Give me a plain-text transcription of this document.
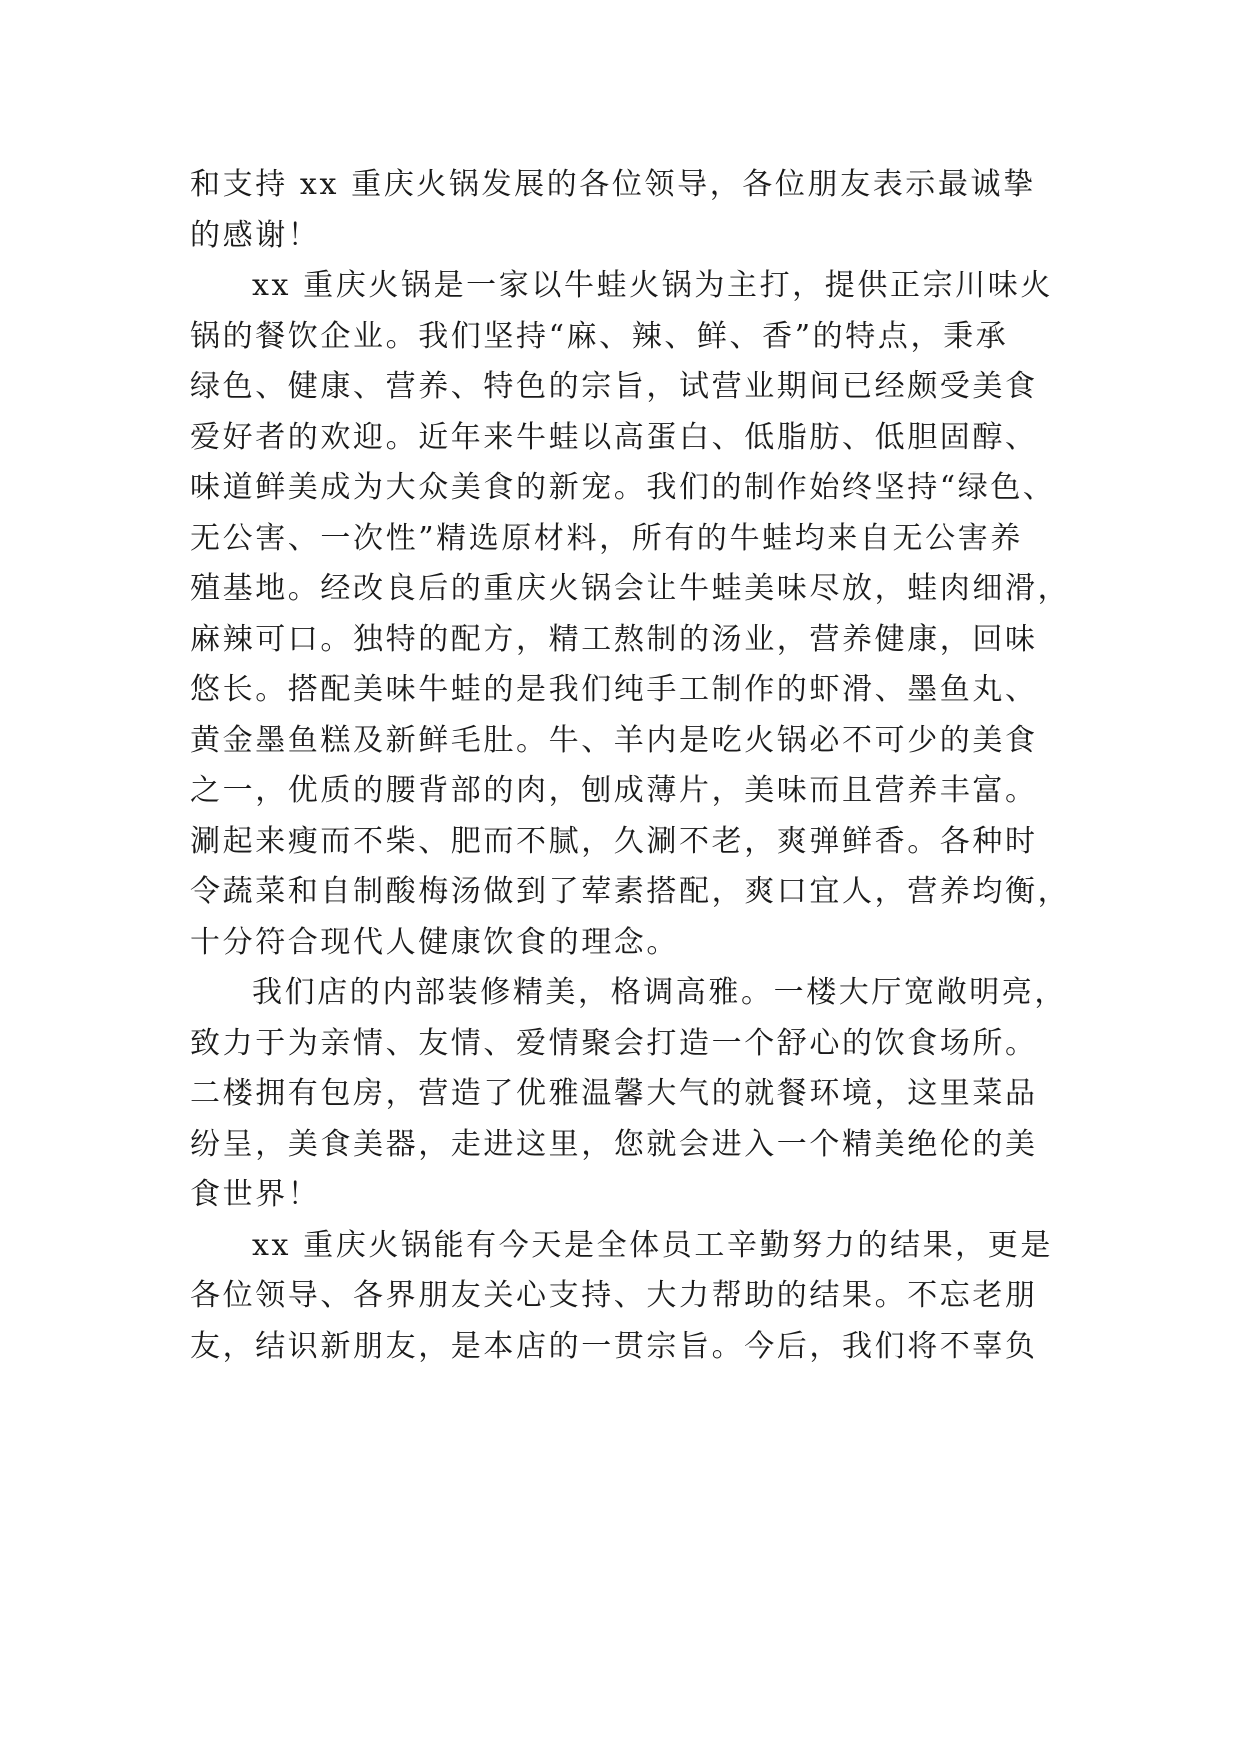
和支持 xx 重庆火锅发展的各位领导，各位朋友表示最诚挚
的感谢！
xx 重庆火锅是一家以牛蛙火锅为主打，提供正宗川味火
锅的餐饮企业。我们坚持“麻、辣、鲜、香”的特点，秉承
绿色、健康、营养、特色的宗旨，试营业期间已经颇受美食
爱好者的欢迎。近年来牛蛙以高蛋白、低脂肪、低胆固醇、
味道鲜美成为大众美食的新宠。我们的制作始终坚持“绿色、
无公害、一次性”精选原材料，所有的牛蛙均来自无公害养
殖基地。经改良后的重庆火锅会让牛蛙美味尽放，蛙肉细滑，
麻辣可口。独特的配方，精工熬制的汤业，营养健康，回味
悠长。搭配美味牛蛙的是我们纯手工制作的虾滑、墨鱼丸、
黄金墨鱼糕及新鲜毛肚。牛、羊内是吃火锅必不可少的美食
之一，优质的腰背部的肉，刨成薄片，美味而且营养丰富。
涮起来瘦而不柴、肥而不腻，久涮不老，爽弹鲜香。各种时
令蔬菜和自制酸梅汤做到了荤素搭配，爽口宜人，营养均衡，
十分符合现代人健康饮食的理念。
我们店的内部装修精美，格调高雅。一楼大厅宽敞明亮，
致力于为亲情、友情、爱情聚会打造一个舒心的饮食场所。
二楼拥有包房，营造了优雅温馨大气的就餐环境，这里菜品
纷呈，美食美器，走进这里，您就会进入一个精美绝伦的美
食世界！
xx 重庆火锅能有今天是全体员工辛勤努力的结果，更是
各位领导、各界朋友关心支持、大力帮助的结果。不忘老朋
友，结识新朋友，是本店的一贯宗旨。今后，我们将不辜负
